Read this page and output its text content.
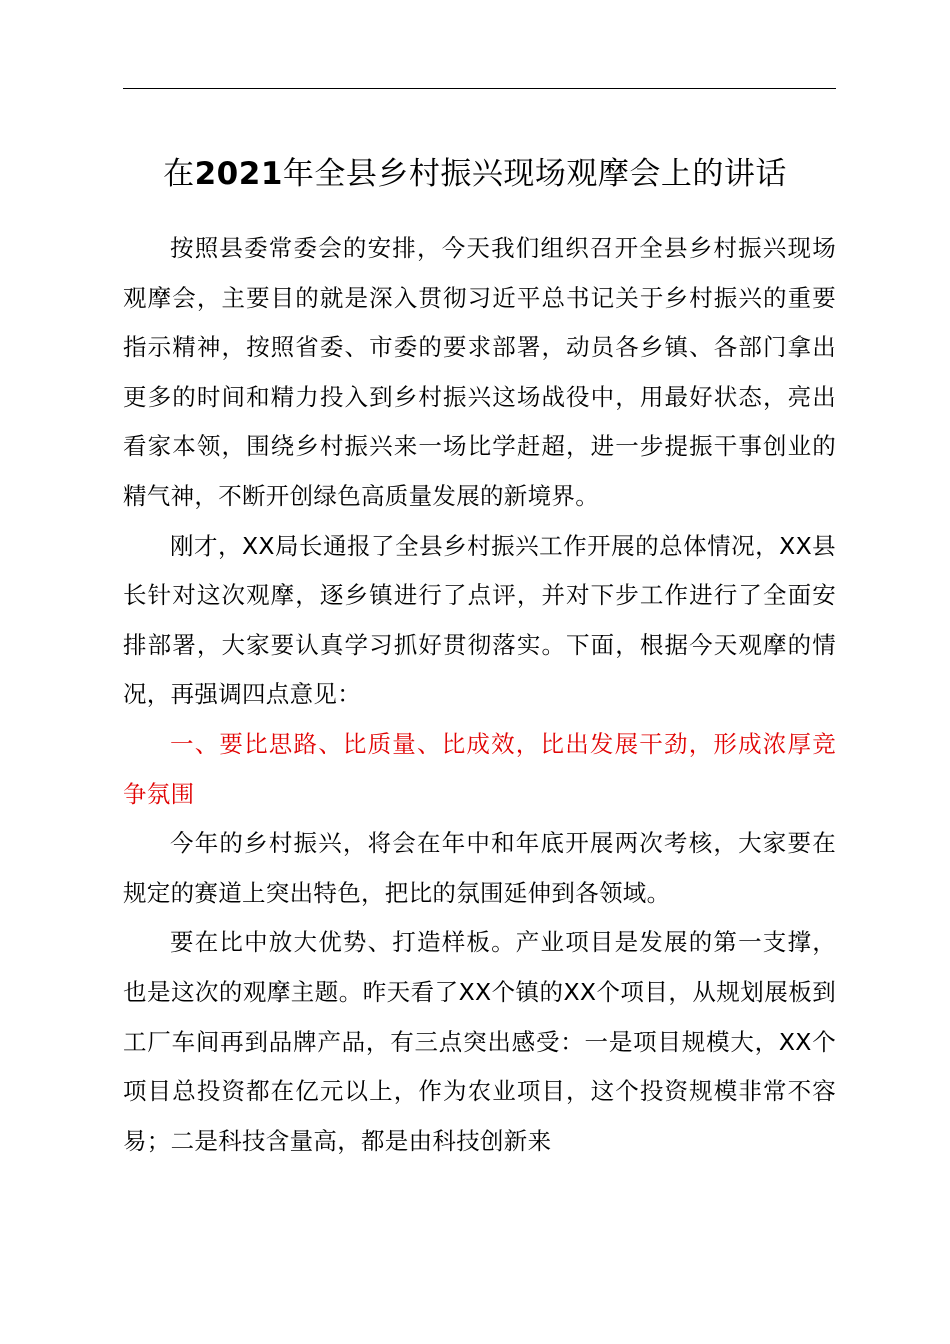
在2021年全县乡村振兴现场观摩会上的讲话

按照县委常委会的安排，今天我们组织召开全县乡村振兴现场观摩会，主要目的就是深入贯彻习近平总书记关于乡村振兴的重要指示精神，按照省委、市委的要求部署，动员各乡镇、各部门拿出更多的时间和精力投入到乡村振兴这场战役中，用最好状态，亮出看家本领，围绕乡村振兴来一场比学赶超，进一步提振干事创业的精气神，不断开创绿色高质量发展的新境界。

刚才，XX局长通报了全县乡村振兴工作开展的总体情况，XX县长针对这次观摩，逐乡镇进行了点评，并对下步工作进行了全面安排部署，大家要认真学习抓好贯彻落实。下面，根据今天观摩的情况，再强调四点意见：

一、要比思路、比质量、比成效，比出发展干劲，形成浓厚竞争氛围

今年的乡村振兴，将会在年中和年底开展两次考核，大家要在规定的赛道上突出特色，把比的氛围延伸到各领域。

要在比中放大优势、打造样板。产业项目是发展的第一支撑，也是这次的观摩主题。昨天看了XX个镇的XX个项目，从规划展板到工厂车间再到品牌产品，有三点突出感受：一是项目规模大，XX个项目总投资都在亿元以上，作为农业项目，这个投资规模非常不容易；二是科技含量高，都是由科技创新来
